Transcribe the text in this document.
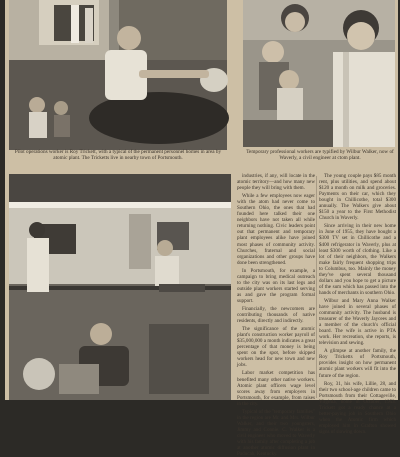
Pilot operations worker is Roy Trickett, with a typical of the permanent personnel homes in area by atomic plant. The Tricketts live in nearby town of Portsmouth.
Temporary professional workers are typified by Wilbur Walker, now of Waverly, a civil engineer at ctom plant.

industries, if any, will locate in the atomic territory—and how many new people they will bring with them.

While a few employees now eager with the atom had never come to Southern Ohio, the ones that had founded here talked their one neighbors have not taken all while returning nothing. Civic leaders point out that permanent and temporary plant employees alike have joined most phases of community activity. Churches, fraternal and social organizations and other groups have done been strengthened.

In Portsmouth, for example, a campaign to bring medical outreach to the city was on its last legs and outside plant workers started serving as and gave the program formal support.

Financially, the newcomers are contributing thousands of native residents, directly and indirectly.

The significance of the atomic plant's construction worker payroll of $35,000,000 a month indicates a great percentage of that money is being spent on the spot, before skipped workers head for new town and new jobs.

Labor market competition has benefited many other native workers. Atomic plant officers wage level scores away from employers in Portsmouth, for example, from raises in the city.

Typical of the "temporary families" in the region are Mr. and Mrs. Wilbur Walker, and their two youngsters, Jimmy and Connie. C. Walker is a civil engineer who moved to Waverly with his family after completing a job at another atomic diffusion plant in Paducah, Kentucky.

The young couple pays $85 month rent, plus utilities, and spend about $120 a month on milk and groceries. Payments on their car, which they bought in Chillicothe, total $300 annually. The Walkers give about $150 a year to the First Methodist Church in Waverly.

Since arriving in their new home in June of 1955, they have bought a $300 TV set in Chillicothe and a $400 refrigerator in Waverly, plus at least $300 worth of clothing. Like a lot of their neighbors, the Walkers make fairly frequent shopping trips to Columbus, too. Mainly the money they've spent several thousand dollars and you hope to get a picture of the sum which has passed into the hands of merchants in southern Ohio.

Wilbur and Mary Anna Walker have joined in several phases of community activity. The husband is treasurer of the Waverly Jaycees and a member of the church's official board. The wife is active in PTA work. Her recreation, she reports, is television and sewing.

A glimpse at another family, the Roy Tricketts of Portsmouth, provides insight on how permanent atomic plant workers will fit into the future of the region.

Roy, 31, his wife, Lillie, 28, and their two school-age children came to Portsmouth from their Cottageville, Virginia, home in October, 1953. Trickett got a ready chance at a better-paying job in Southern Ohio when the Atomic firm which employed him in Grafton showed signs of slowing down.
